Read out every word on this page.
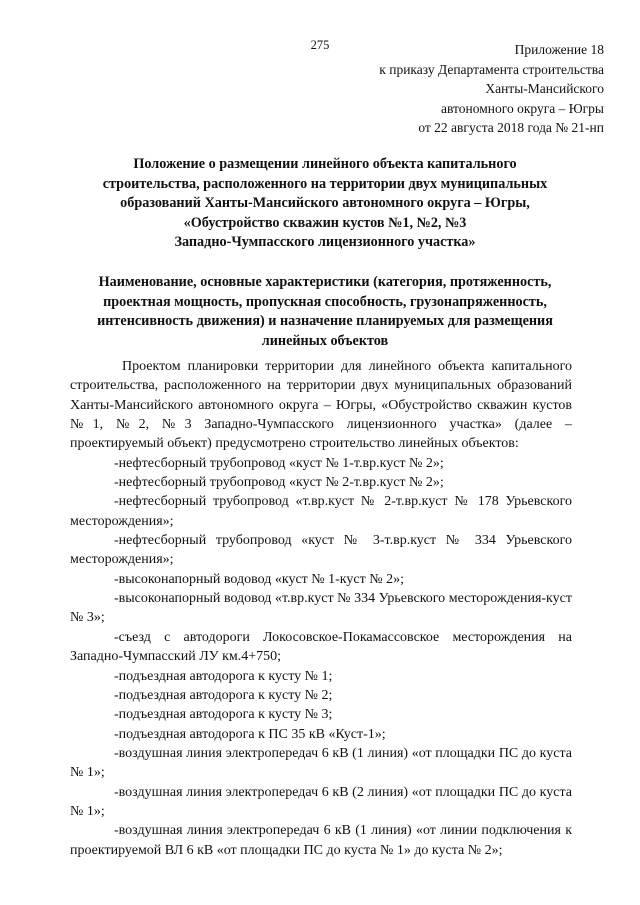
275	Приложение 18
к приказу Департамента строительства
Ханты-Мансийского
автономного округа – Югры
от 22 августа 2018 года № 21-нп
Положение о размещении линейного объекта капитального
строительства, расположенного на территории двух муниципальных
образований Ханты-Мансийского автономного округа – Югры,
«Обустройство скважин кустов №1, №2, №3
Западно-Чумпасского лицензионного участка»
Наименование, основные характеристики (категория, протяженность,
проектная мощность, пропускная способность, грузонапряженность,
интенсивность движения) и назначение планируемых для размещения
линейных объектов

Проектом планировки территории для линейного объекта капитального строительства, расположенного на территории двух муниципальных образований Ханты-Мансийского автономного округа – Югры, «Обустройство скважин кустов №1, №2, №3 Западно-Чумпасского лицензионного участка» (далее – проектируемый объект) предусмотрено строительство линейных объектов:

-нефтесборный трубопровод «куст № 1-т.вр.куст № 2»;

-нефтесборный трубопровод «куст № 2-т.вр.куст № 2»;

-нефтесборный трубопровод «т.вр.куст № 2-т.вр.куст № 178 Урьевского месторождения»;

-нефтесборный трубопровод «куст № 3-т.вр.куст № 334 Урьевского месторождения»;

-высоконапорный водовод «куст № 1-куст № 2»;

-высоконапорный водовод «т.вр.куст № 334 Урьевского месторождения-куст № 3»;

-съезд с автодороги Локосовское-Покамассовское месторождения на Западно-Чумпасский ЛУ км.4+750;

-подъездная автодорога к кусту № 1;

-подъездная автодорога к кусту № 2;

-подъездная автодорога к кусту № 3;

-подъездная автодорога к ПС 35 кВ «Куст-1»;

-воздушная линия электропередач 6 кВ (1 линия) «от площадки ПС до куста № 1»;

-воздушная линия электропередач 6 кВ (2 линия) «от площадки ПС до куста № 1»;

-воздушная линия электропередач 6 кВ (1 линия) «от линии подключения к проектируемой ВЛ 6 кВ «от площадки ПС до куста № 1» до куста № 2»;
